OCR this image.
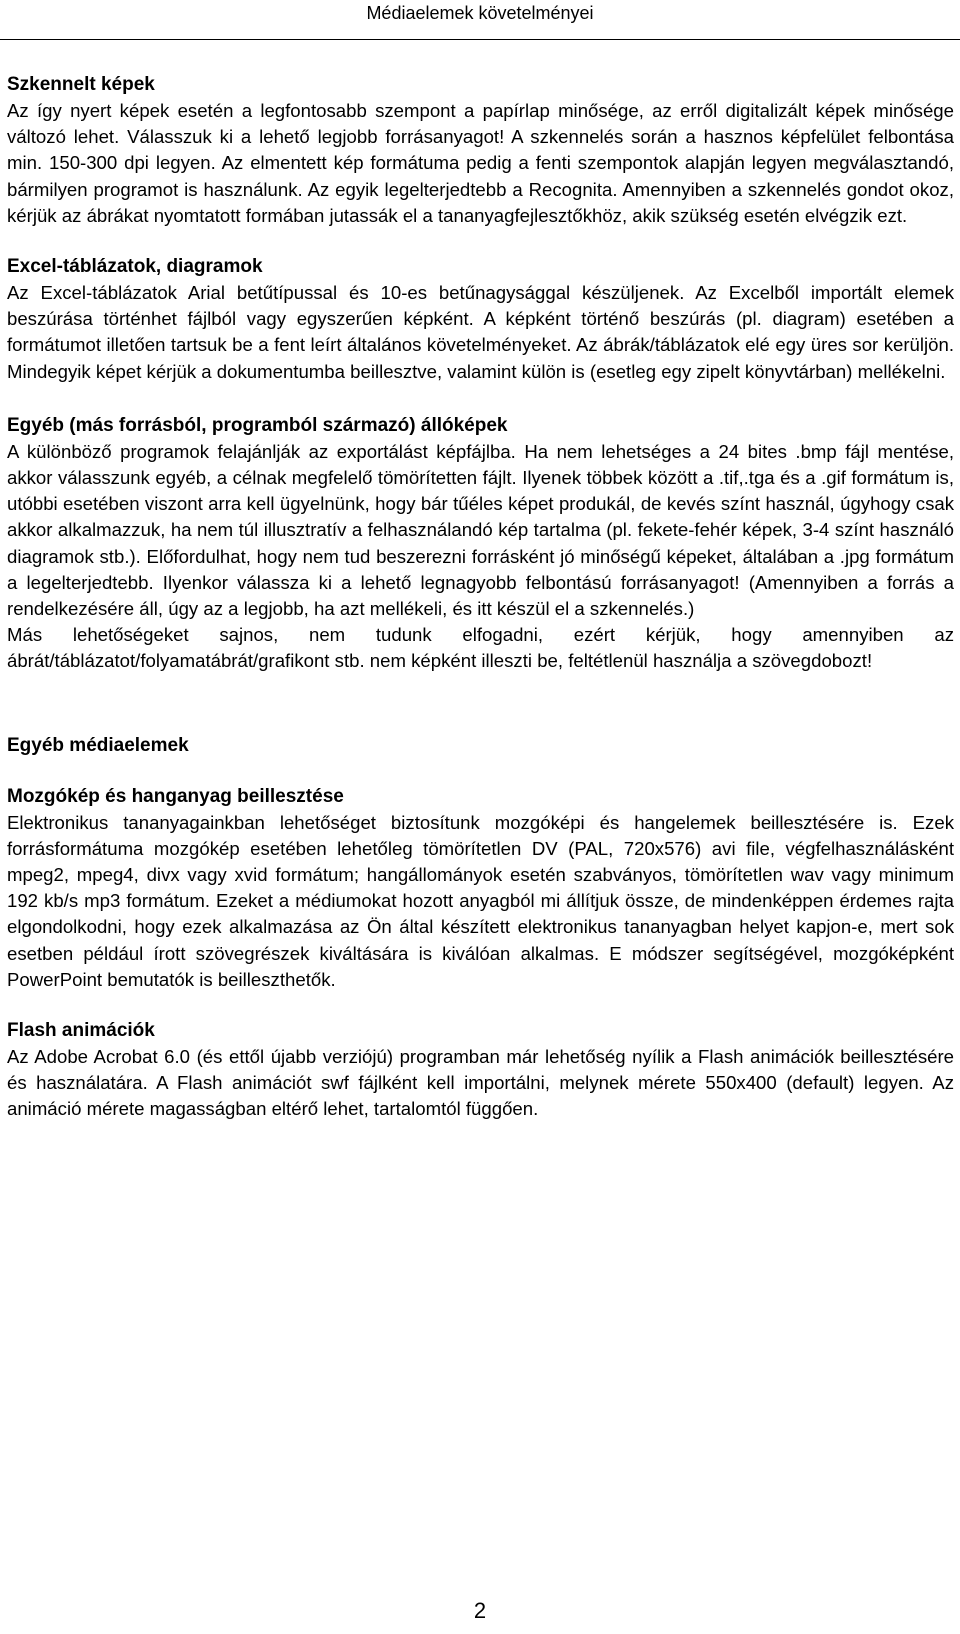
Médiaelemek követelményei

Szkennelt képek

Az így nyert képek esetén a legfontosabb szempont a papírlap minősége, az erről digitalizált képek minősége változó lehet. Válasszuk ki a lehető legjobb forrásanyagot! A szkennelés során a hasznos képfelület felbontása min. 150-300 dpi legyen. Az elmentett kép formátuma pedig a fenti szempontok alapján legyen megválasztandó, bármilyen programot is használunk. Az egyik legelterjedtebb a Recognita. Amennyiben a szkennelés gondot okoz, kérjük az ábrákat nyomtatott formában jutassák el a tananyagfejlesztőkhöz, akik szükség esetén elvégzik ezt.

Excel-táblázatok, diagramok

Az Excel-táblázatok Arial betűtípussal és 10-es betűnagysággal készüljenek. Az Excelből importált elemek beszúrása történhet fájlból vagy egyszerűen képként. A képként történő beszúrás (pl. diagram) esetében a formátumot illetően tartsuk be a fent leírt általános követelményeket. Az ábrák/táblázatok elé egy üres sor kerüljön. Mindegyik képet kérjük a dokumentumba beillesztve, valamint külön is (esetleg egy zipelt könyvtárban) mellékelni.

Egyéb (más forrásból, programból származó) állóképek

A különböző programok felajánlják az exportálást képfájlba. Ha nem lehetséges a 24 bites .bmp fájl mentése, akkor válasszunk egyéb, a célnak megfelelő tömörítetten fájlt. Ilyenek többek között a .tif,.tga és a .gif formátum is, utóbbi esetében viszont arra kell ügyelnünk, hogy bár tűéles képet produkál, de kevés színt használ, úgyhogy csak akkor alkalmazzuk, ha nem túl illusztratív a felhasználandó kép tartalma (pl. fekete-fehér képek, 3-4 színt használó diagramok stb.). Előfordulhat, hogy nem tud beszerezni forrásként jó minőségű képeket, általában a .jpg formátum a legelterjedtebb. Ilyenkor válassza ki a lehető legnagyobb felbontású forrásanyagot! (Amennyiben a forrás a rendelkezésére áll, úgy az a legjobb, ha azt mellékeli, és itt készül el a szkennelés.)

Más lehetőségeket sajnos, nem tudunk elfogadni, ezért kérjük, hogy amennyiben az ábrát/táblázatot/folyamatábrát/grafikont stb. nem képként illeszti be, feltétlenül használja a szövegdobozt!

Egyéb médiaelemek

Mozgókép és hanganyag beillesztése

Elektronikus tananyagainkban lehetőséget biztosítunk mozgóképi és hangelemek beillesztésére is. Ezek forrásformátuma mozgókép esetében lehetőleg tömörítetlen DV (PAL, 720x576) avi file, végfelhasználásként mpeg2, mpeg4, divx vagy xvid formátum; hangállományok esetén szabványos, tömörítetlen wav vagy minimum 192 kb/s mp3 formátum. Ezeket a médiumokat hozott anyagból mi állítjuk össze, de mindenképpen érdemes rajta elgondolkodni, hogy ezek alkalmazása az Ön által készített elektronikus tananyagban helyet kapjon-e, mert sok esetben például írott szövegrészek kiváltására is kiválóan alkalmas. E módszer segítségével, mozgóképként PowerPoint bemutatók is beilleszthetők.

Flash animációk

Az Adobe Acrobat 6.0 (és ettől újabb verziójú) programban már lehetőség nyílik a Flash animációk beillesztésére és használatára. A Flash animációt swf fájlként kell importálni, melynek mérete 550x400 (default) legyen. Az animáció mérete magasságban eltérő lehet, tartalomtól függően.

2
